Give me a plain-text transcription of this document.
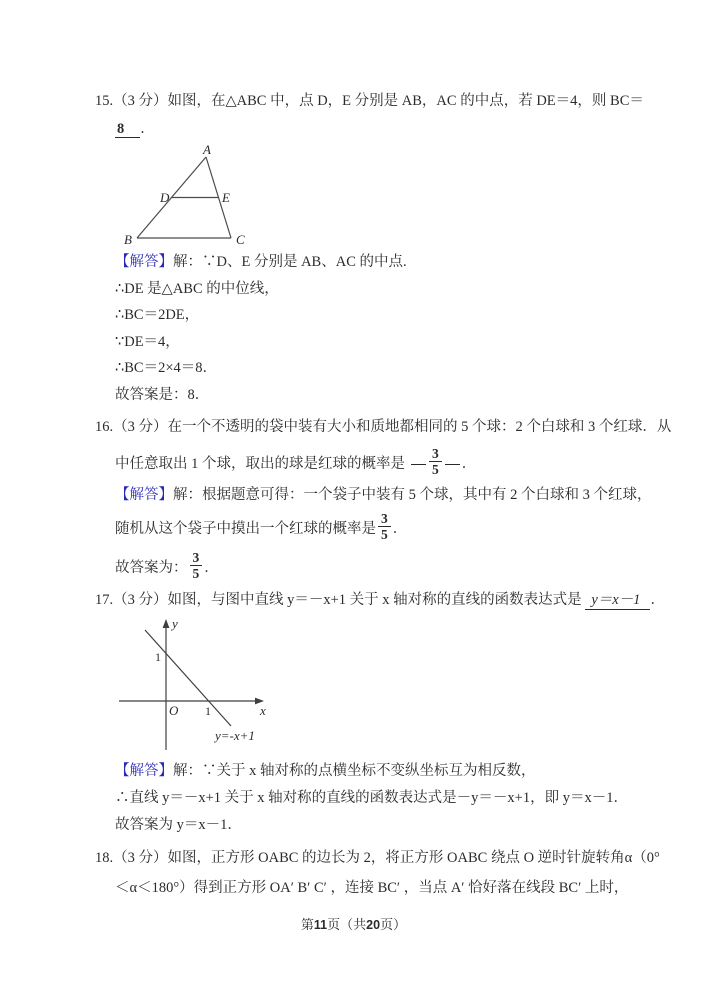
15.（3 分）如图，在△ABC 中，点 D，E 分别是 AB，AC 的中点，若 DE＝4，则 BC＝

8 ．

A
B	C
D	E

【解答】解：∵D、E 分别是 AB、AC 的中点.

∴DE 是△ABC 的中位线，

∴BC＝2DE，

∵DE＝4，

∴BC＝2×4＝8．

故答案是：8．

16.（3 分）在一个不透明的袋中装有大小和质地都相同的 5 个球：2 个白球和 3 个红球．从

中任意取出 1 个球，取出的球是红球的概率是 $\frac{3}{5}$ ．

【解答】解：根据题意可得：一个袋子中装有 5 个球，其中有 2 个白球和 3 个红球，

随机从这个袋子中摸出一个红球的概率是 $\frac{3}{5}$ ．

故答案为： $\frac{3}{5}$ ．

17.（3 分）如图，与图中直线 y＝－x+1 关于 x 轴对称的直线的函数表达式是 y＝x－1 ．

y
x
O
1
1
y=-x+1

【解答】解：∵关于 x 轴对称的点横坐标不变纵坐标互为相反数，

∴直线 y＝－x+1 关于 x 轴对称的直线的函数表达式是－y＝－x+1，即 y＝x－1．

故答案为 y＝x－1．

18.（3 分）如图，正方形 OABC 的边长为 2，将正方形 OABC 绕点 O 逆时针旋转角α（0°

＜α＜180°）得到正方形 OA′ B′ C′ ，连接 BC′ ，当点 A′ 恰好落在线段 BC′ 上时，

第11页（共20页）
